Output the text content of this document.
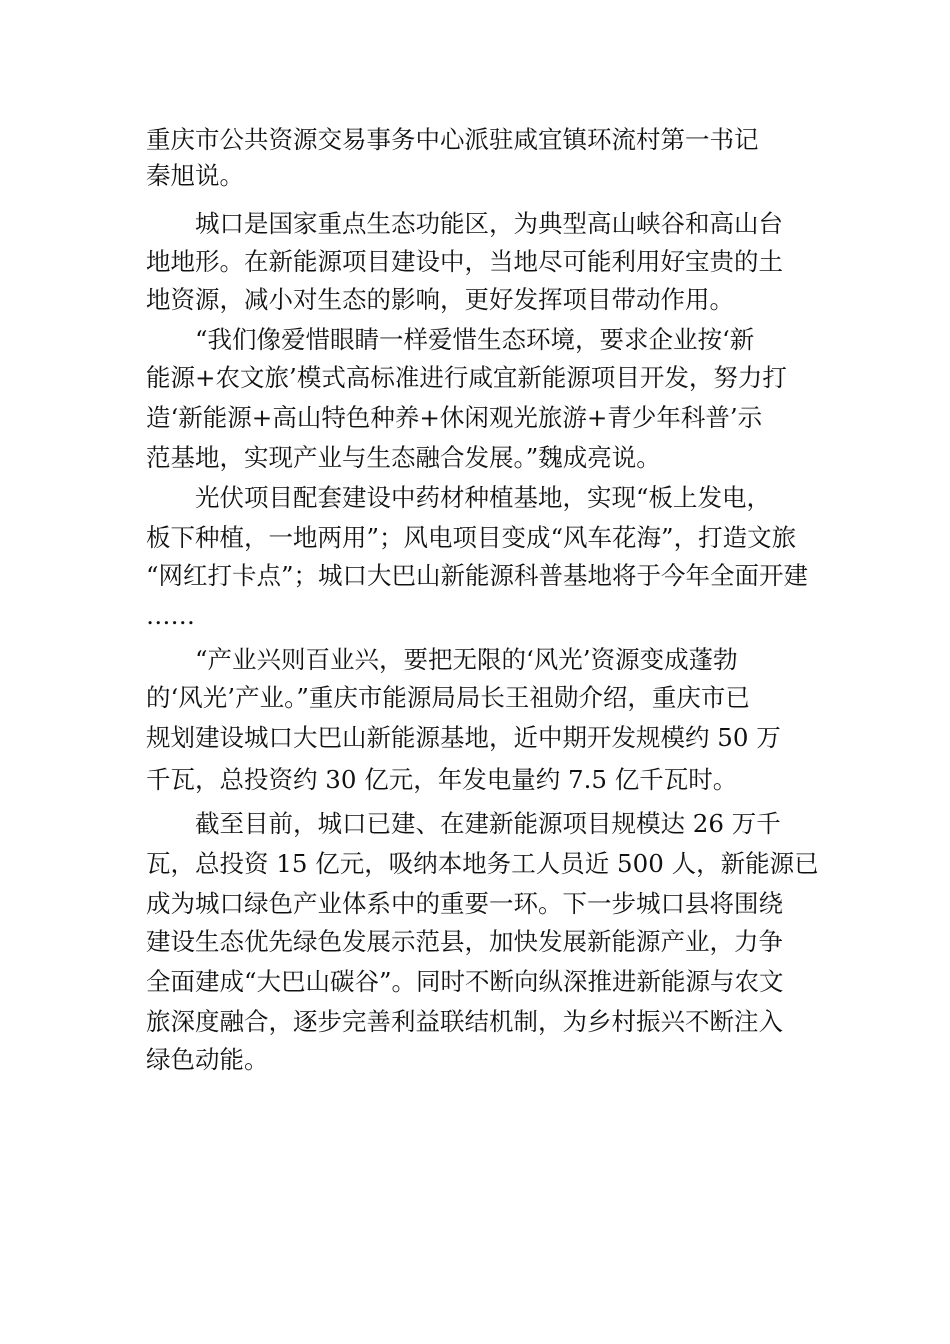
重庆市公共资源交易事务中心派驻咸宜镇环流村第一书记
秦旭说。
城口是国家重点生态功能区，为典型高山峡谷和高山台
地地形。在新能源项目建设中，当地尽可能利用好宝贵的土
地资源，减小对生态的影响，更好发挥项目带动作用。
“我们像爱惜眼睛一样爱惜生态环境，要求企业按‘新
能源+农文旅’模式高标准进行咸宜新能源项目开发，努力打
造‘新能源+高山特色种养+休闲观光旅游+青少年科普’示
范基地，实现产业与生态融合发展。”魏成亮说。
光伏项目配套建设中药材种植基地，实现“板上发电，
板下种植，一地两用”；风电项目变成“风车花海”，打造文旅
“网红打卡点”；城口大巴山新能源科普基地将于今年全面开建
……
“产业兴则百业兴，要把无限的‘风光’资源变成蓬勃
的‘风光’产业。”重庆市能源局局长王祖勋介绍，重庆市已
规划建设城口大巴山新能源基地，近中期开发规模约 50 万
千瓦，总投资约 30 亿元，年发电量约 7.5 亿千瓦时。
截至目前，城口已建、在建新能源项目规模达 26 万千
瓦，总投资 15 亿元，吸纳本地务工人员近 500 人，新能源已
成为城口绿色产业体系中的重要一环。下一步城口县将围绕
建设生态优先绿色发展示范县，加快发展新能源产业，力争
全面建成“大巴山碳谷”。同时不断向纵深推进新能源与农文
旅深度融合，逐步完善利益联结机制，为乡村振兴不断注入
绿色动能。
